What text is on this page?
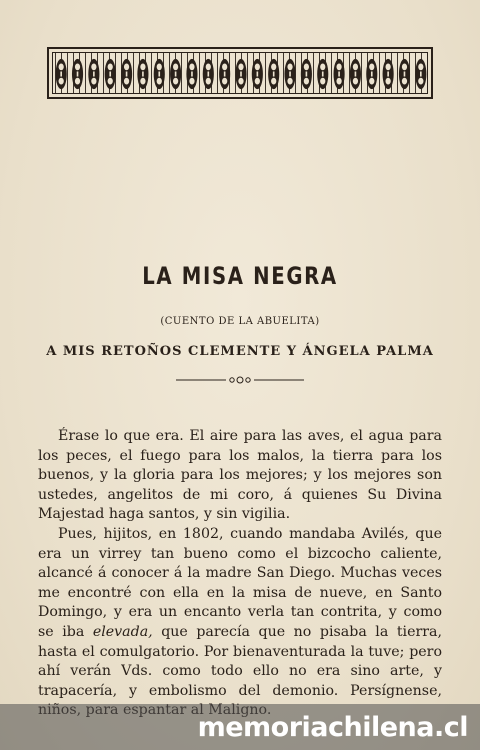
LA MISA NEGRA
(CUENTO DE LA ABUELITA)
A MIS RETOÑOS CLEMENTE Y ÁNGELA PALMA

Érase lo que era. El aire para las aves, el agua para los peces, el fuego para los malos, la tierra para los buenos, y la gloria para los mejores; y los mejores son ustedes, angelitos de mi coro, á quienes Su Divina Majestad haga santos, y sin vigilia.

Pues, hijitos, en 1802, cuando mandaba Avilés, que era un virrey tan bueno como el bizcocho caliente, alcancé á conocer á la madre San Diego. Muchas veces me encontré con ella en la misa de nueve, en Santo Domingo, y era un encanto verla tan contrita, y como se iba elevada, que parecía que no pisaba la tierra, hasta el comulgatorio. Por bienaventurada la tuve; pero ahí verán Vds. como todo ello no era sino arte, y trapacería, y embolismo del demonio. Persígnense,

memoriachilena.cl
